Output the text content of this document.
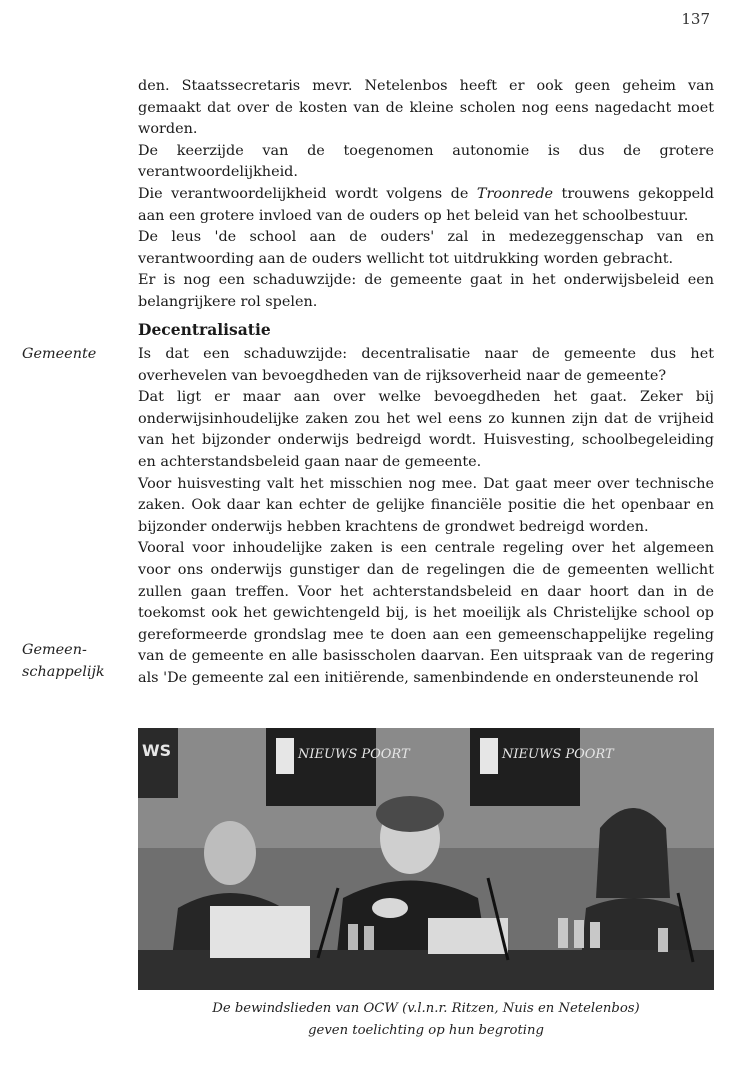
137

den. Staatssecretaris mevr. Netelenbos heeft er ook geen geheim van gemaakt dat over de kosten van de kleine scholen nog eens nagedacht moet worden.

De keerzijde van de toegenomen autonomie is dus de grotere verantwoordelijkheid.

Die verantwoordelijkheid wordt volgens de Troonrede trouwens gekoppeld aan een grotere invloed van de ouders op het beleid van het schoolbestuur.

De leus 'de school aan de ouders' zal in medezeggenschap van en verantwoording aan de ouders wellicht tot uitdrukking worden gebracht.

Er is nog een schaduwzijde: de gemeente gaat in het onderwijsbeleid een belangrijkere rol spelen.

Decentralisatie
Gemeente	Is dat een schaduwzijde: decentralisatie naar de gemeente dus het overhevelen van bevoegdheden van de rijksoverheid naar de gemeente?

Dat ligt er maar aan over welke bevoegdheden het gaat. Zeker bij onderwijsinhoudelijke zaken zou het wel eens zo kunnen zijn dat de vrijheid van het bijzonder onderwijs bedreigd wordt. Huisvesting, schoolbegeleiding en achterstandsbeleid gaan naar de gemeente.

Voor huisvesting valt het misschien nog mee. Dat gaat meer over technische zaken. Ook daar kan echter de gelijke financiële positie die het openbaar en bijzonder onderwijs hebben krachtens de grondwet bedreigd worden.

Vooral voor inhoudelijke zaken is een centrale regeling over het algemeen voor ons onderwijs gunstiger dan de regelingen die de gemeenten wellicht zullen gaan treffen. Voor het achterstandsbeleid en daar hoort dan in de toekomst ook het gewichtengeld bij, is het moeilijk als Christelijke school op gereformeerde grondslag mee te doen aan een gemeenschappelijke regeling van de gemeente en alle basisscholen daarvan. Een uitspraak van de regering als 'De gemeente zal een initiërende, samenbindende en ondersteunende rol

Gemeen-
schappelijk
WS	NIEUWS POORT	NIEUWS POORT
De bewindslieden van OCW (v.l.n.r. Ritzen, Nuis en Netelenbos)
geven toelichting op hun begroting
